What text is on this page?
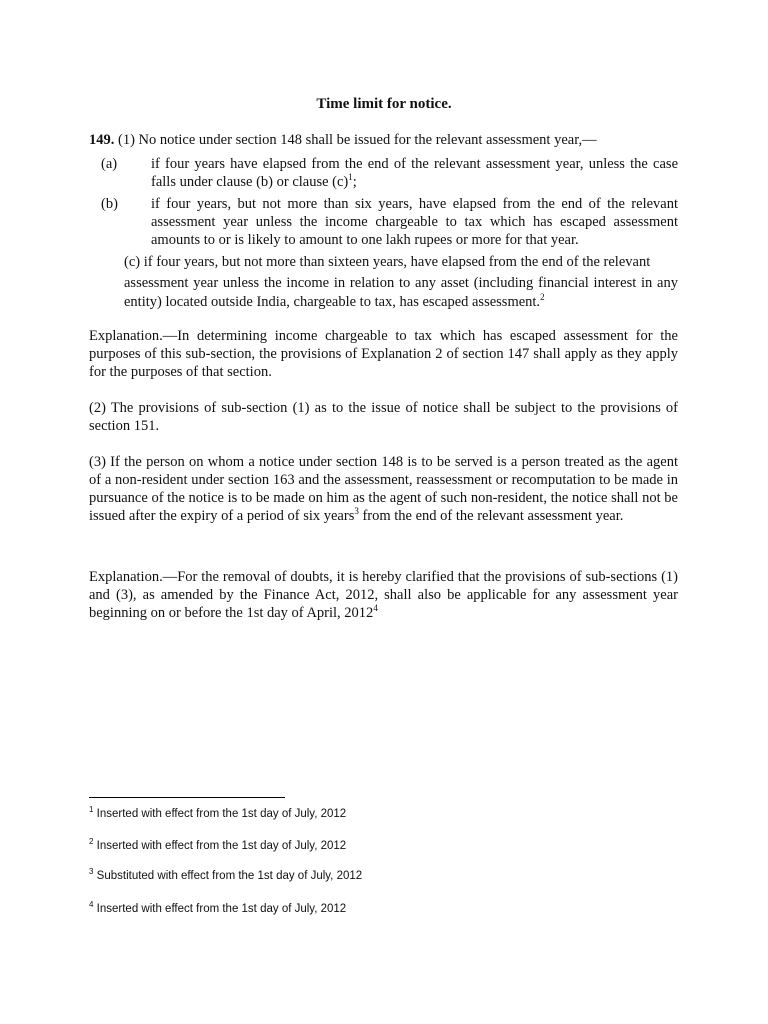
Time limit for notice.
149. (1) No notice under section 148 shall be issued for the relevant assessment year,—
(a) if four years have elapsed from the end of the relevant assessment year, unless the case falls under clause (b) or clause $(c)^1$;
(b) if four years, but not more than six years, have elapsed from the end of the relevant assessment year unless the income chargeable to tax which has escaped assessment amounts to or is likely to amount to one lakh rupees or more for that year.
(c) if four years, but not more than sixteen years, have elapsed from the end of the relevant
assessment year unless the income in relation to any asset (including financial interest in any entity) located outside India, chargeable to tax, has escaped assessment.$^2$
Explanation.—In determining income chargeable to tax which has escaped assessment for the purposes of this sub-section, the provisions of Explanation 2 of section 147 shall apply as they apply for the purposes of that section.
(2) The provisions of sub-section (1) as to the issue of notice shall be subject to the provisions of section 151.
(3) If the person on whom a notice under section 148 is to be served is a person treated as the agent of a non-resident under section 163 and the assessment, reassessment or recomputation to be made in pursuance of the notice is to be made on him as the agent of such non-resident, the notice shall not be issued after the expiry of a period of six years$^3$ from the end of the relevant assessment year.
Explanation.—For the removal of doubts, it is hereby clarified that the provisions of sub-sections (1) and (3), as amended by the Finance Act, 2012, shall also be applicable for any assessment year beginning on or before the 1st day of April, 2012$^4$
$^1$ Inserted with effect from the 1st day of July, 2012
$^2$ Inserted with effect from the 1st day of July, 2012
$^3$ Substituted with effect from the 1st day of July, 2012
$^4$ Inserted with effect from the 1st day of July, 2012
